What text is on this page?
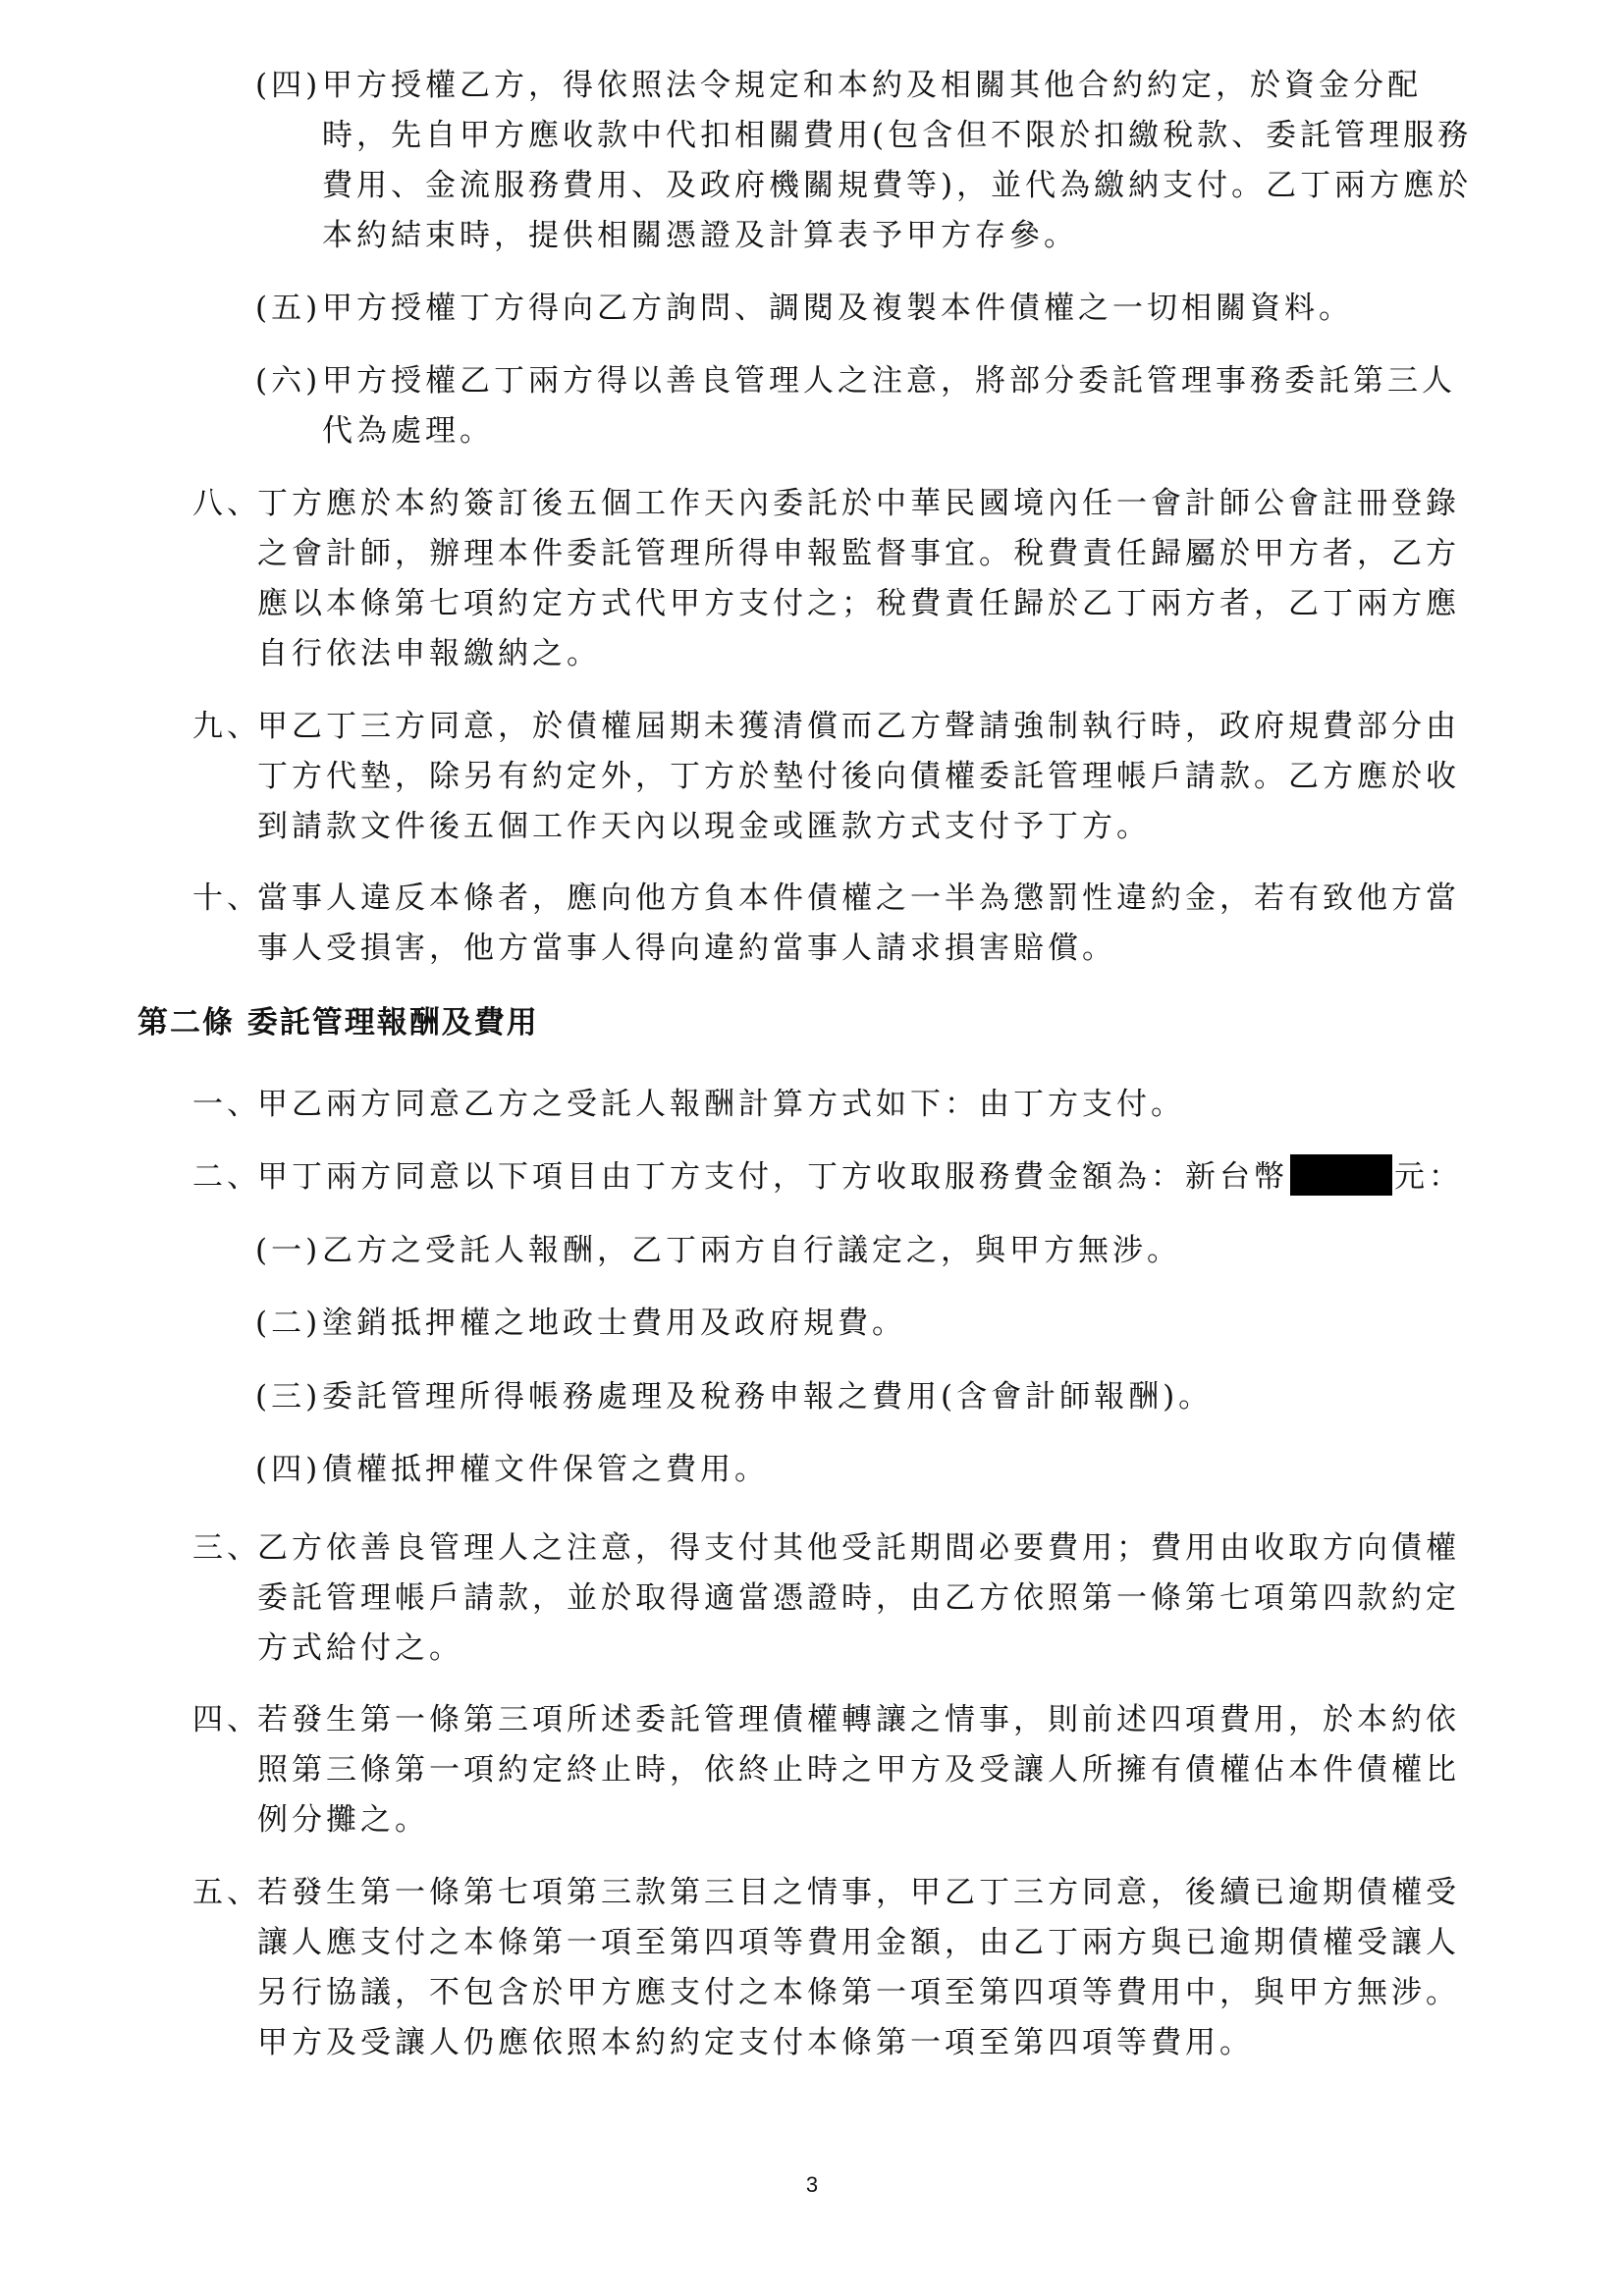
(四) 甲方授權乙方，得依照法令規定和本約及相關其他合約約定，於資金分配時，先自甲方應收款中代扣相關費用(包含但不限於扣繳稅款、委託管理服務費用、金流服務費用、及政府機關規費等)，並代為繳納支付。乙丁兩方應於本約結束時，提供相關憑證及計算表予甲方存參。
(五) 甲方授權丁方得向乙方詢問、調閱及複製本件債權之一切相關資料。
(六) 甲方授權乙丁兩方得以善良管理人之注意，將部分委託管理事務委託第三人代為處理。
八、
丁方應於本約簽訂後五個工作天內委託於中華民國境內任一會計師公會註冊登錄之會計師，辦理本件委託管理所得申報監督事宜。稅費責任歸屬於甲方者，乙方應以本條第七項約定方式代甲方支付之；稅費責任歸於乙丁兩方者，乙丁兩方應自行依法申報繳納之。
九、
甲乙丁三方同意，於債權屆期未獲清償而乙方聲請強制執行時，政府規費部分由丁方代墊，除另有約定外，丁方於墊付後向債權委託管理帳戶請款。乙方應於收到請款文件後五個工作天內以現金或匯款方式支付予丁方。
十、
當事人違反本條者，應向他方負本件債權之一半為懲罰性違約金，若有致他方當事人受損害，他方當事人得向違約當事人請求損害賠償。
第二條 委託管理報酬及費用
一、
甲乙兩方同意乙方之受託人報酬計算方式如下：由丁方支付。
二、
甲丁兩方同意以下項目由丁方支付，丁方收取服務費金額為：新台幣	元：
(一) 乙方之受託人報酬，乙丁兩方自行議定之，與甲方無涉。
(二) 塗銷抵押權之地政士費用及政府規費。
(三) 委託管理所得帳務處理及稅務申報之費用(含會計師報酬)。
(四) 債權抵押權文件保管之費用。
三、
乙方依善良管理人之注意，得支付其他受託期間必要費用；費用由收取方向債權委託管理帳戶請款，並於取得適當憑證時，由乙方依照第一條第七項第四款約定方式給付之。
四、
若發生第一條第三項所述委託管理債權轉讓之情事，則前述四項費用，於本約依照第三條第一項約定終止時，依終止時之甲方及受讓人所擁有債權佔本件債權比例分攤之。
五、
若發生第一條第七項第三款第三目之情事，甲乙丁三方同意，後續已逾期債權受讓人應支付之本條第一項至第四項等費用金額，由乙丁兩方與已逾期債權受讓人另行協議，不包含於甲方應支付之本條第一項至第四項等費用中，與甲方無涉。甲方及受讓人仍應依照本約約定支付本條第一項至第四項等費用。
3
